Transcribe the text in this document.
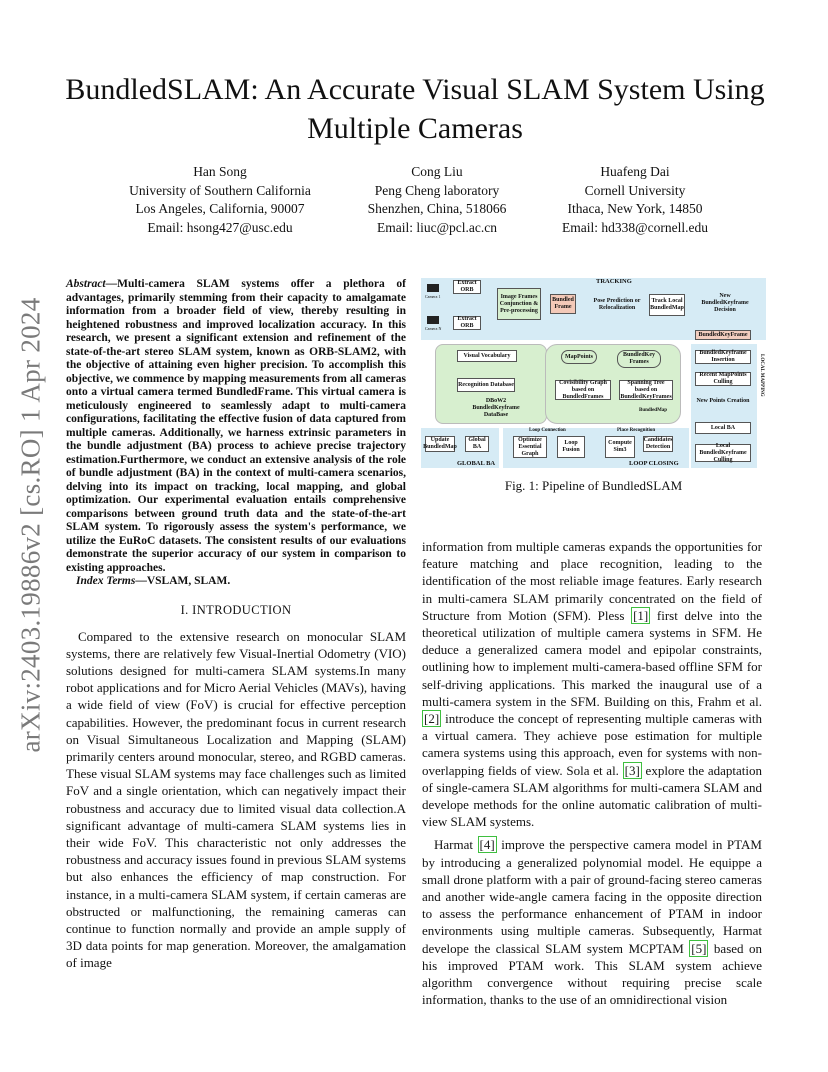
arXiv:2403.19886v2 [cs.RO] 1 Apr 2024
BundledSLAM: An Accurate Visual SLAM System Using Multiple Cameras
Han Song
University of Southern California
Los Angeles, California, 90007
Email: hsong427@usc.edu
Cong Liu
Peng Cheng laboratory
Shenzhen, China, 518066
Email: liuc@pcl.ac.cn
Huafeng Dai
Cornell University
Ithaca, New York, 14850
Email: hd338@cornell.edu
Abstract—Multi-camera SLAM systems offer a plethora of advantages, primarily stemming from their capacity to amalgamate information from a broader field of view, thereby resulting in heightened robustness and improved localization accuracy. In this research, we present a significant extension and refinement of the state-of-the-art stereo SLAM system, known as ORB-SLAM2, with the objective of attaining even higher precision. To accomplish this objective, we commence by mapping measurements from all cameras onto a virtual camera termed BundledFrame. This virtual camera is meticulously engineered to seamlessly adapt to multi-camera configurations, facilitating the effective fusion of data captured from multiple cameras. Additionally, we harness extrinsic parameters in the bundle adjustment (BA) process to achieve precise trajectory estimation.Furthermore, we conduct an extensive analysis of the role of bundle adjustment (BA) in the context of multi-camera scenarios, delving into its impact on tracking, local mapping, and global optimization. Our experimental evaluation entails comprehensive comparisons between ground truth data and the state-of-the-art SLAM system. To rigorously assess the system's performance, we utilize the EuRoC datasets. The consistent results of our evaluations demonstrate the superior accuracy of our system in comparison to existing approaches.
Index Terms—VSLAM, SLAM.
I. INTRODUCTION

Compared to the extensive research on monocular SLAM systems, there are relatively few Visual-Inertial Odometry (VIO) solutions designed for multi-camera SLAM systems.In many robot applications and for Micro Aerial Vehicles (MAVs), having a wide field of view (FoV) is crucial for effective perception capabilities. However, the predominant focus in current research on Visual Simultaneous Localization and Mapping (SLAM) primarily centers around monocular, stereo, and RGBD cameras. These visual SLAM systems may face challenges such as limited FoV and a single orientation, which can negatively impact their robustness and accuracy due to limited visual data collection.A significant advantage of multi-camera SLAM systems lies in their wide FoV. This characteristic not only addresses the robustness and accuracy issues found in previous SLAM systems but also enhances the efficiency of map construction. For instance, in a multi-camera SLAM system, if certain cameras are obstructed or malfunctioning, the remaining cameras can continue to function normally and provide an ample supply of 3D data points for map generation. Moreover, the amalgamation of image

TRACKING
Camera 1
Camera N
Extract ORB
Extract ORB
Image Frames Conjunction & Pre-processing
Bundled Frame
Pose Prediction or Relocalization
Track Local BundledMap
New BundledKeyframe Decision
BundledKeyFrame
Visual Vocabulary
Recognition Database
DBoW2 BundledKeyframe DataBase
MapPoints	BundledKey Frames
Covisibility Graph based on BundledFrames
Spanning Tree based on BundledKeyFrames
BundledMap
BundledKeyframe Insertion
Recent MapPoints Culling
New Points Creation
Local BA
Local BundledKeyframe Culling
LOCAL MAPPING
Update BundledMap
Global BA
GLOBAL BA
Loop Connection
Optimize Essential Graph
Loop Fusion
Place Recognition
Compute Sim3
Candidates Detection
LOOP CLOSING
Fig. 1: Pipeline of BundledSLAM

information from multiple cameras expands the opportunities for feature matching and place recognition, leading to the identification of the most reliable image features. Early research in multi-camera SLAM primarily concentrated on the field of Structure from Motion (SFM). Pless [1] first delve into the theoretical utilization of multiple camera systems in SFM. He deduce a generalized camera model and epipolar constraints, outlining how to implement multi-camera-based offline SFM for self-driving applications. This marked the inaugural use of a multi-camera system in the SFM. Building on this, Frahm et al. [2] introduce the concept of representing multiple cameras with a virtual camera. They achieve pose estimation for multiple camera systems using this approach, even for systems with non-overlapping fields of view. Sola et al. [3] explore the adaptation of single-camera SLAM algorithms for multi-camera SLAM and develope methods for the online automatic calibration of multi-view SLAM systems.

Harmat [4] improve the perspective camera model in PTAM by introducing a generalized polynomial model. He equippe a small drone platform with a pair of ground-facing stereo cameras and another wide-angle camera facing in the opposite direction to assess the performance enhancement of PTAM in indoor environments using multiple cameras. Subsequently, Harmat develope the classical SLAM system MCPTAM [5] based on his improved PTAM work. This SLAM system achieve algorithm convergence without requiring precise scale information, thanks to the use of an omnidirectional vision
